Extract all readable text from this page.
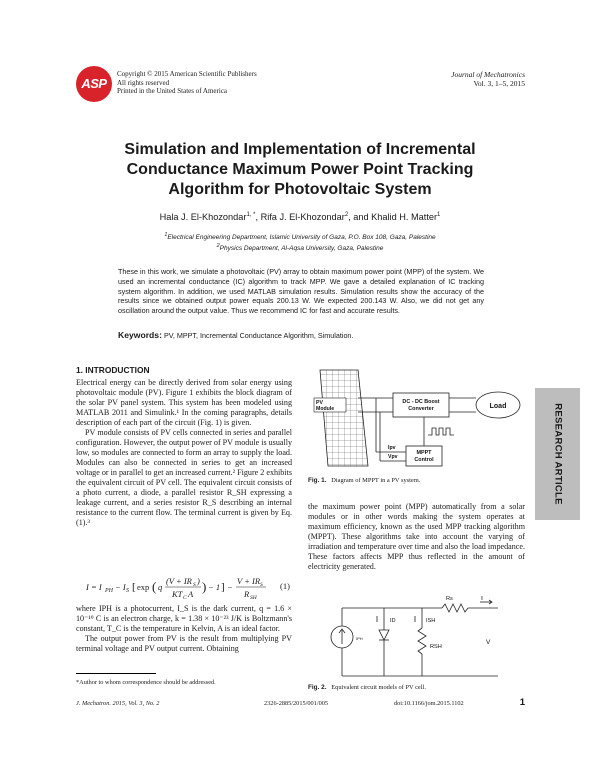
ASP
Copyright © 2015 American Scientific Publishers
All rights reserved
Printed in the United States of America
Journal of Mechatronics
Vol. 3, 1–5, 2015
Simulation and Implementation of Incremental
Conductance Maximum Power Point Tracking
Algorithm for Photovoltaic System
Hala J. El-Khozondar$^{1, *}$, Rifa J. El-Khozondar$^2$, and Khalid H. Matter$^1$
$^1$Electrical Engineering Department, Islamic University of Gaza, P.O. Box 108, Gaza, Palestine
$^2$Physics Department, Al-Aqsa University, Gaza, Palestine
These in this work, we simulate a photovoltaic (PV) array to obtain maximum power point (MPP) of the system. We used an incremental conductance (IC) algorithm to track MPP. We gave a detailed explanation of IC tracking system algorithm. In addition, we used MATLAB simulation results. Simulation results show the accuracy of the results since we obtained output power equals 200.13 W. We expected 200.143 W. Also, we did not get any oscillation around the output value. Thus we recommend IC for fast and accurate results.
Keywords: PV, MPPT, Incremental Conductance Algorithm, Simulation.
1. INTRODUCTION

Electrical energy can be directly derived from solar energy using photovoltaic module (PV). Figure 1 exhibits the block diagram of the solar PV panel system. This system has been modeled using MATLAB 2011 and Simulink.¹ In the coming paragraphs, details description of each part of the circuit (Fig. 1) is given.

PV module consists of PV cells connected in series and parallel configuration. However, the output power of PV module is usually low, so modules are connected to form an array to supply the load. Modules can also be connected in series to get an increased voltage or in parallel to get an increased current.² Figure 2 exhibits the equivalent circuit of PV cell. The equivalent circuit consists of a photo current, a diode, a parallel resistor R_SH expressing a leakage current, and a series resistor R_S describing an internal resistance to the current flow. The terminal current is given by Eq. (1).³

I = I PH − I S [ exp ( q
(V + IR S )
KT C A ) − 1 ] −
V + IR S
R SH
(1)

where IPH is a photocurrent, I_S is the dark current, q = 1.6 × 10⁻¹⁹ C is an electron charge, k = 1.38 × 10⁻²³ J/K is Boltzmann's constant, T_C is the temperature in Kelvin, A is an ideal factor.

The output power from PV is the result from multiplying PV terminal voltage and PV output current. Obtaining

PV
Module
DC - DC Boost
Converter	Load
Ipv
Vpv
MPPT
Control
Fig. 1. Diagram of MPPT in a PV system.
the maximum power point (MPP) automatically from a solar modules or in other words making the system operates at maximum efficiency, known as the used MPP tracking algorithm (MPPT). These algorithms take into account the varying of irradiation and temperature over time and also the load impedance. These factors affects MPP thus reflected in the amount of electricity generated.
Rs	I
IPH
ID	ISH
RSH
V
Fig. 2. Equivalent circuit models of PV cell.
RESEARCH ARTICLE
*Author to whom correspondence should be addressed.
J. Mechatron. 2015, Vol. 3, No. 2	2326-2885/2015/001/005	doi:10.1166/jom.2015.1102	1
